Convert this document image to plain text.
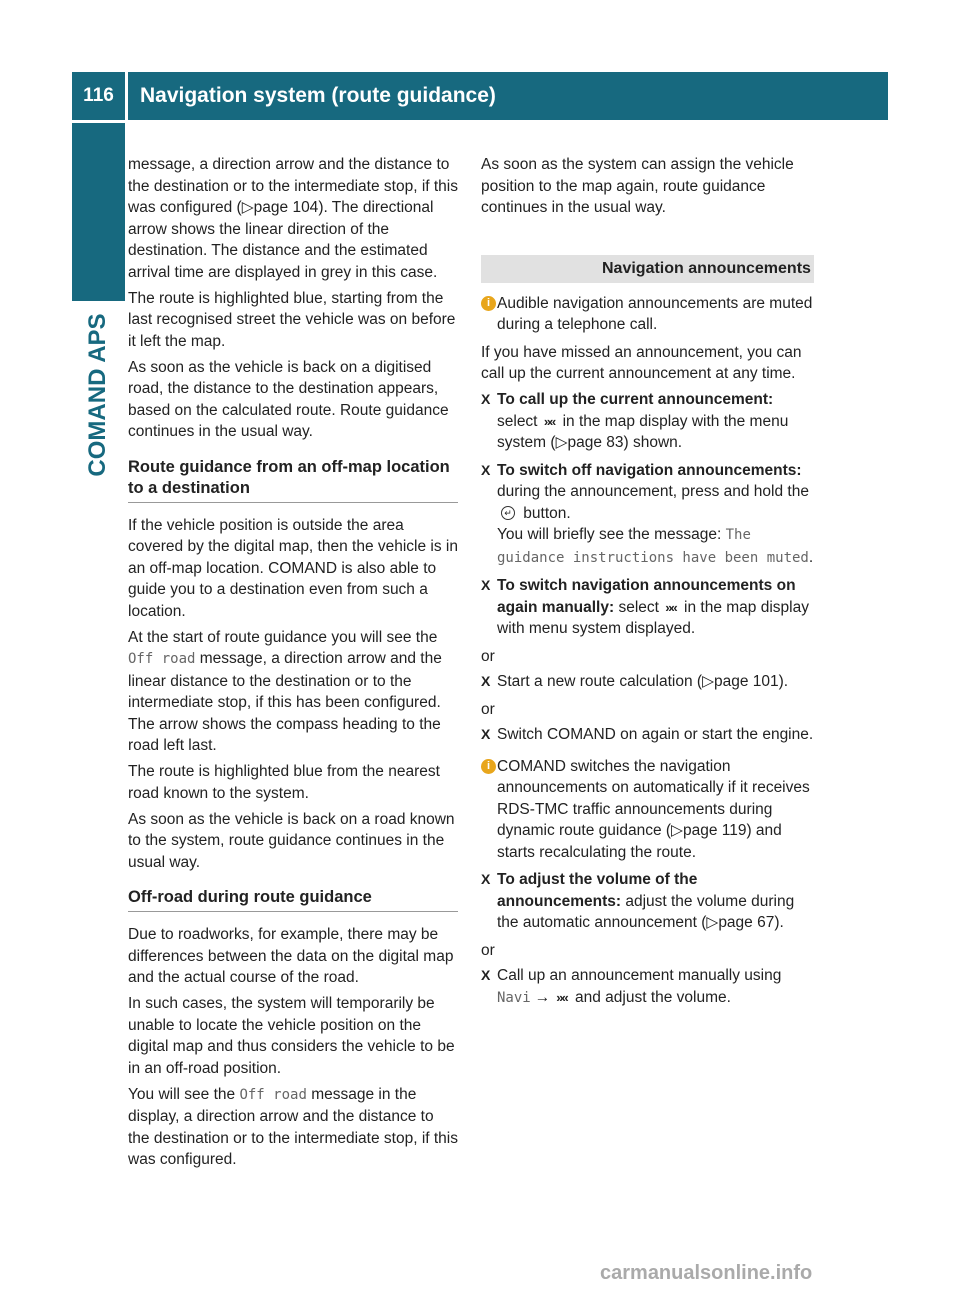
116	Navigation system (route guidance)
COMAND APS

message, a direction arrow and the distance to the destination or to the intermediate stop, if this was configured (▷page 104). The directional arrow shows the linear direction of the destination. The distance and the estimated arrival time are displayed in grey in this case.

The route is highlighted blue, starting from the last recognised street the vehicle was on before it left the map.

As soon as the vehicle is back on a digitised road, the distance to the destination appears, based on the calculated route. Route guidance continues in the usual way.

Route guidance from an off-map location to a destination

If the vehicle position is outside the area covered by the digital map, then the vehicle is in an off-map location. COMAND is also able to guide you to a destination even from such a location.

At the start of route guidance you will see the Off road message, a direction arrow and the linear distance to the destination or to the intermediate stop, if this has been configured. The arrow shows the compass heading to the road left last.

The route is highlighted blue from the nearest road known to the system.

As soon as the vehicle is back on a road known to the system, route guidance continues in the usual way.

Off-road during route guidance

Due to roadworks, for example, there may be differences between the data on the digital map and the actual course of the road.

In such cases, the system will temporarily be unable to locate the vehicle position on the digital map and thus considers the vehicle to be in an off-road position.

You will see the Off road message in the display, a direction arrow and the distance to the destination or to the intermediate stop, if this was configured.

As soon as the system can assign the vehicle position to the map again, route guidance continues in the usual way.

Navigation announcements
i Audible navigation announcements are muted during a telephone call.

If you have missed an announcement, you can call up the current announcement at any time.

X To call up the current announcement:
select »« in the map display with the menu system (▷page 83) shown.
X To switch off navigation announcements: during the announcement, press and hold the ↵ button.
You will briefly see the message: The guidance instructions have been muted.
X To switch navigation announcements on again manually: select »« in the map display with menu system displayed.

or

X Start a new route calculation (▷page 101).

or

X Switch COMAND on again or start the engine.
i COMAND switches the navigation announcements on automatically if it receives RDS-TMC traffic announcements during dynamic route guidance (▷page 119) and starts recalculating the route.
X To adjust the volume of the announcements: adjust the volume during the automatic announcement (▷page 67).

or

X Call up an announcement manually using
Navi → »« and adjust the volume.
carmanualsonline.info
